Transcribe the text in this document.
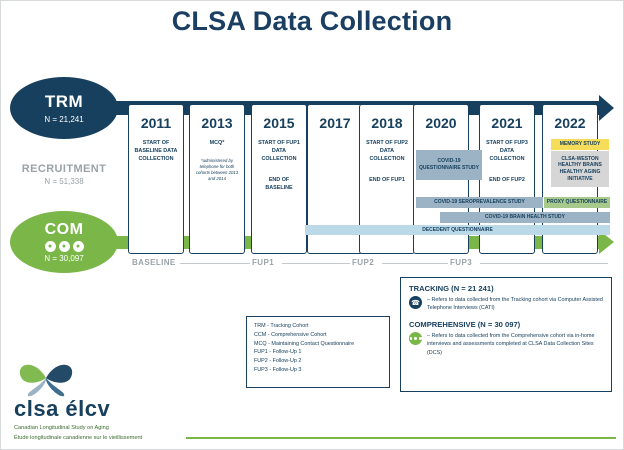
CLSA Data Collection
TRM
N = 21,241
RECRUITMENT
N = 51,338
COM
●	●	●
N = 30,097
2011
START OF BASELINE DATA COLLECTION
2013
MCQ*
*administered by telephone for both cohorts between 2013 and 2014
2015
START OF FUP1 DATA COLLECTION
END OF BASELINE
2017	2018
START OF FUP2 DATA COLLECTION
END OF FUP1
2020	2021
START OF FUP3 DATA COLLECTION
END OF FUP2
2022
COVID-19 QUESTIONNAIRE STUDY
MEMORY STUDY
CLSA-WESTON HEALTHY BRAINS HEALTHY AGING INITIATIVE
COVID-19 SEROPREVALENCE STUDY	PROXY QUESTIONNAIRE
COVID-19 BRAIN HEALTH STUDY
DECEDENT QUESTIONNAIRE
BASELINE	FUP1	FUP2	FUP3
TRM - Tracking Cohort
CCM - Comprehensive Cohort
MCQ - Maintaining Contact Questionnaire
FUP1 - Follow-Up 1
FUP2 - Follow-Up 2
FUP3 - Follow-Up 3
TRACKING (N = 21 241)
☎	– Refers to data collected from the Tracking cohort via Computer Assisted Telephone Interviews (CATI)
COMPREHENSIVE (N = 30 097)
– Refers to data collected from the Comprehensive cohort via in-home interviews and assessments completed at CLSA Data Collection Sites (DCS)
clsa élcv
Canadian Longitudinal Study on Aging
Étude longitudinale canadienne sur le vieillissement
